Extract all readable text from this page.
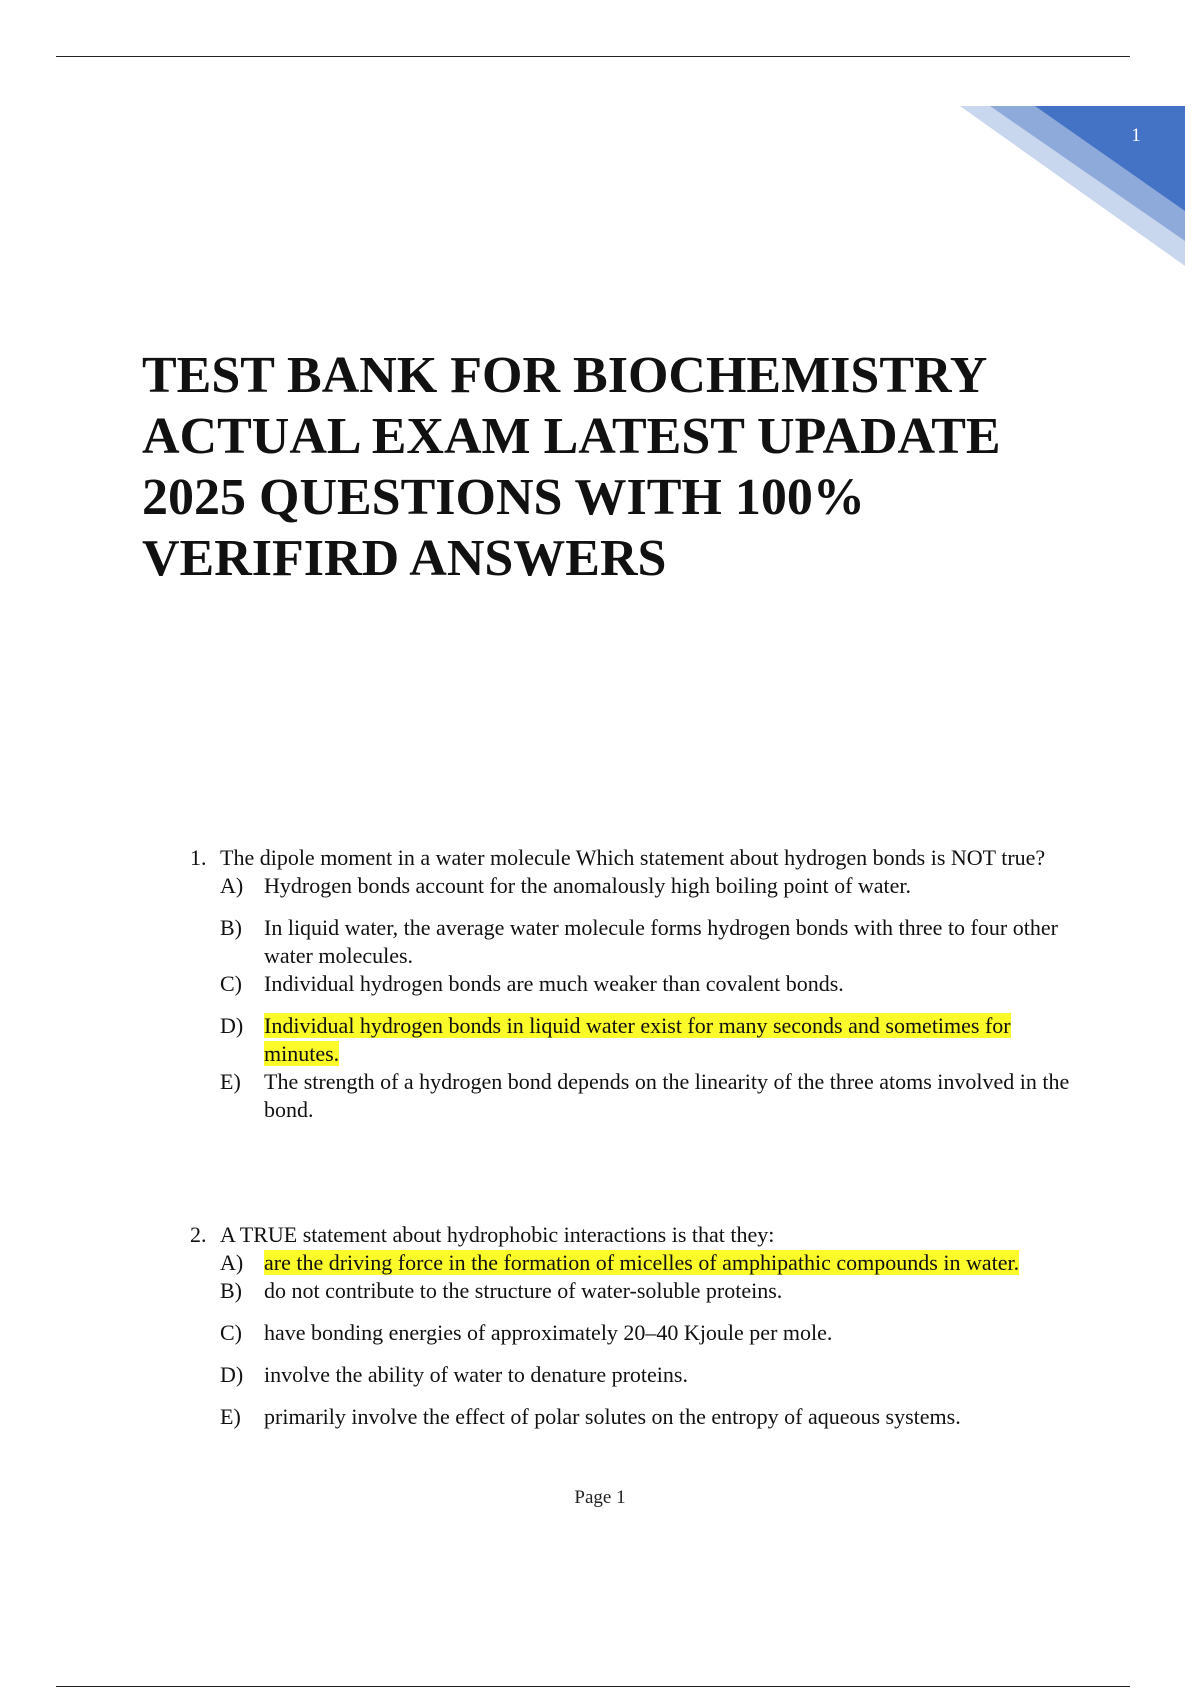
1
TEST BANK FOR BIOCHEMISTRY ACTUAL EXAM LATEST UPADATE 2025 QUESTIONS WITH 100% VERIFIRD ANSWERS
1. The dipole moment in a water molecule Which statement about hydrogen bonds is NOT true?
A) Hydrogen bonds account for the anomalously high boiling point of water.
B)	In liquid water, the average water molecule forms hydrogen bonds with three to four other water molecules.
C)	Individual hydrogen bonds are much weaker than covalent bonds.
D) Individual hydrogen bonds in liquid water exist for many seconds and sometimes for minutes.
E)	The strength of a hydrogen bond depends on the linearity of the three atoms involved in the bond.
2. A TRUE statement about hydrophobic interactions is that they:
A) are the driving force in the formation of micelles of amphipathic compounds in water.
B)	do not contribute to the structure of water-soluble proteins.
C)	have bonding energies of approximately 20–40 Kjoule per mole.
D) involve the ability of water to denature proteins.
E)	primarily involve the effect of polar solutes on the entropy of aqueous systems.
Page 1
